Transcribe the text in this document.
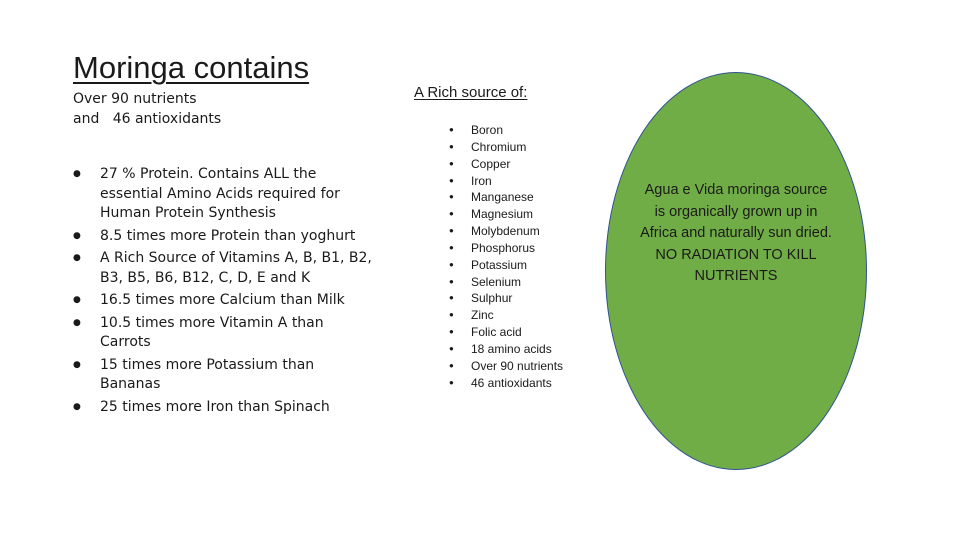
Moringa contains
Over 90 nutrients
and   46 antioxidants
● 27 % Protein. Contains ALL the essential Amino Acids required for Human Protein Synthesis
● 8.5 times more Protein than yoghurt
● A Rich Source of Vitamins A, B, B1, B2, B3, B5, B6, B12, C, D, E and K
● 16.5 times more Calcium than Milk
● 10.5 times more Vitamin A than Carrots
● 15 times more Potassium than Bananas
● 25 times more Iron than Spinach
A Rich source of:
● Boron
● Chromium
● Copper
● Iron
● Manganese
● Magnesium
● Molybdenum
● Phosphorus
● Potassium
● Selenium
● Sulphur
● Zinc
● Folic acid
● 18 amino acids
● Over 90 nutrients
● 46 antioxidants
Agua e Vida moringa source
is organically grown up in
Africa and naturally sun dried.
NO RADIATION TO KILL
NUTRIENTS
